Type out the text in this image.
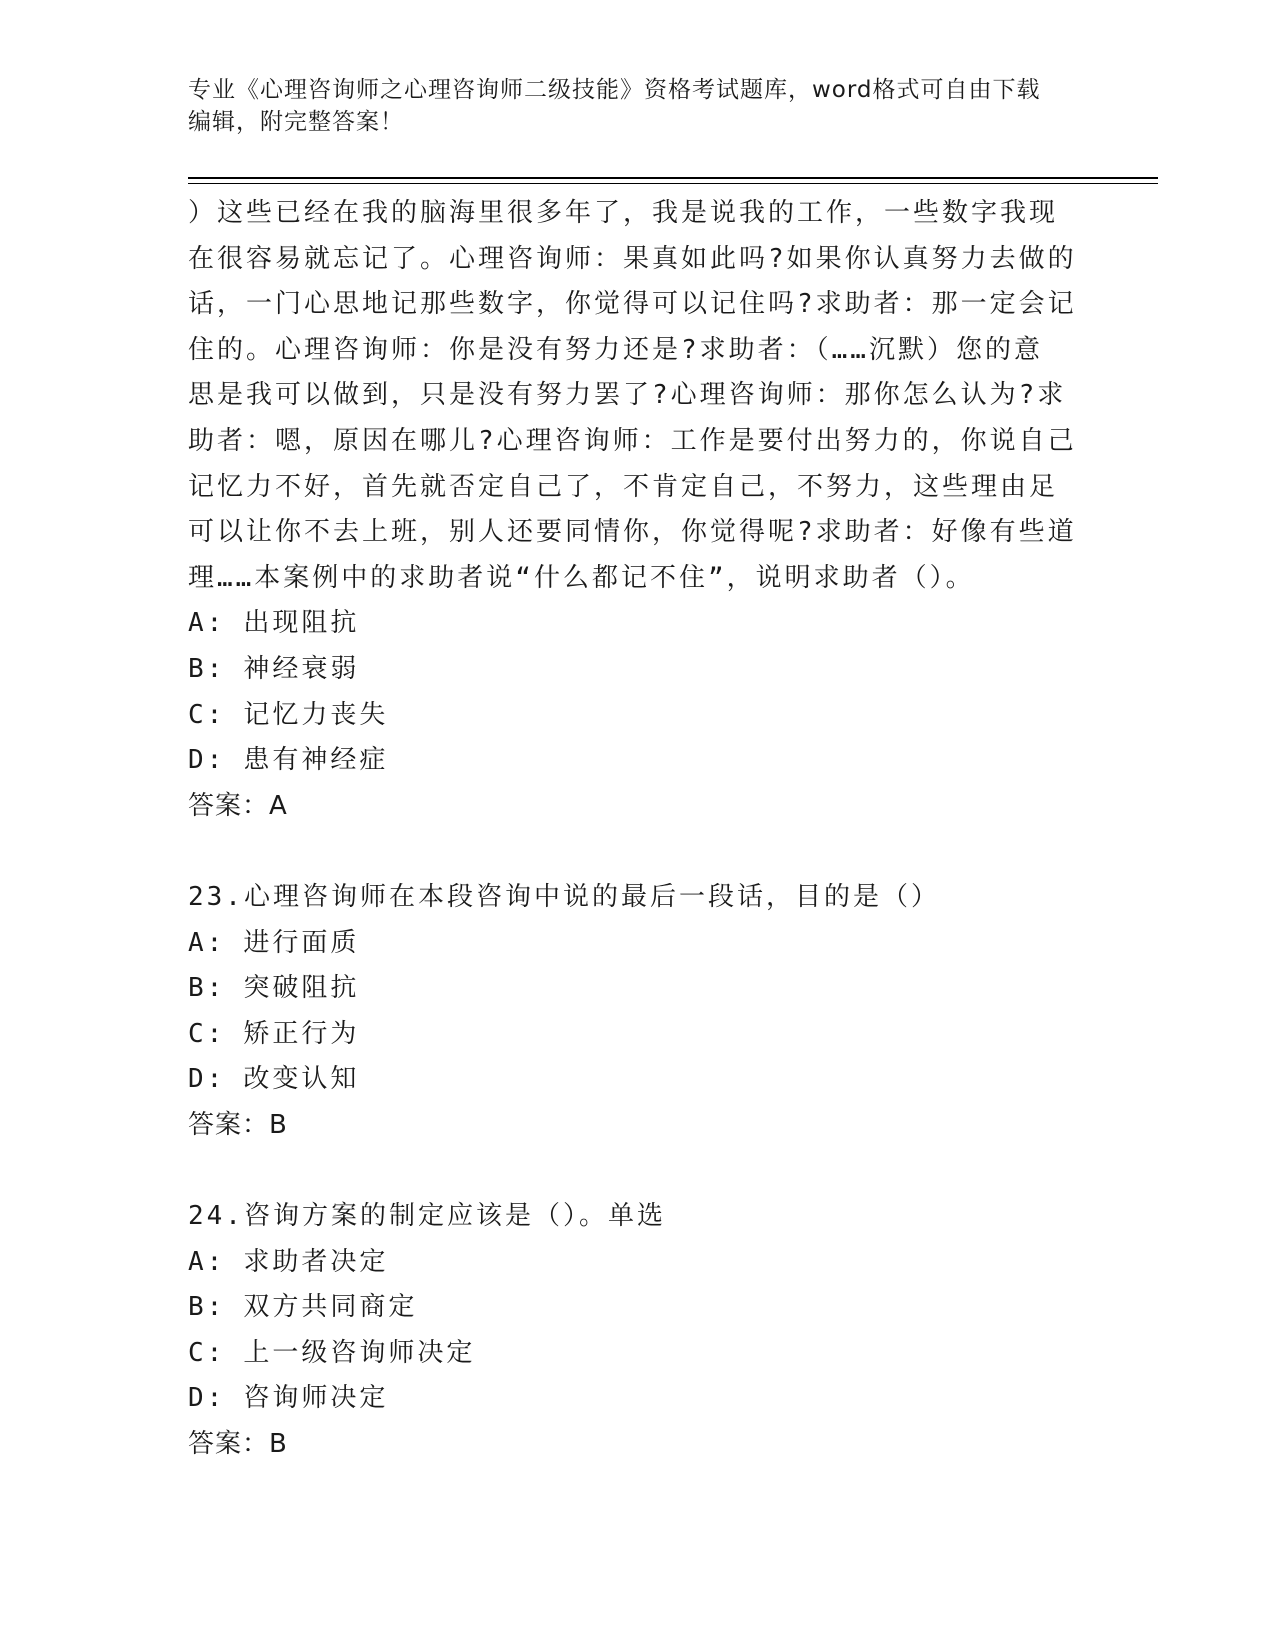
专业《心理咨询师之心理咨询师二级技能》资格考试题库，word格式可自由下载
编辑，附完整答案！
）这些已经在我的脑海里很多年了，我是说我的工作，一些数字我现
在很容易就忘记了。心理咨询师：果真如此吗?如果你认真努力去做的
话，一门心思地记那些数字，你觉得可以记住吗?求助者：那一定会记
住的。心理咨询师：你是没有努力还是?求助者：（……沉默）您的意
思是我可以做到，只是没有努力罢了?心理咨询师：那你怎么认为?求
助者：嗯，原因在哪儿?心理咨询师：工作是要付出努力的，你说自己
记忆力不好，首先就否定自己了，不肯定自己，不努力，这些理由足
可以让你不去上班，别人还要同情你，你觉得呢?求助者：好像有些道
理……本案例中的求助者说“什么都记不住”，说明求助者（）。
A: 出现阻抗
B: 神经衰弱
C: 记忆力丧失
D: 患有神经症
答案：A
23.心理咨询师在本段咨询中说的最后一段话，目的是（）
A: 进行面质
B: 突破阻抗
C: 矫正行为
D: 改变认知
答案：B
24.咨询方案的制定应该是（）。单选
A: 求助者决定
B: 双方共同商定
C: 上一级咨询师决定
D: 咨询师决定
答案：B
